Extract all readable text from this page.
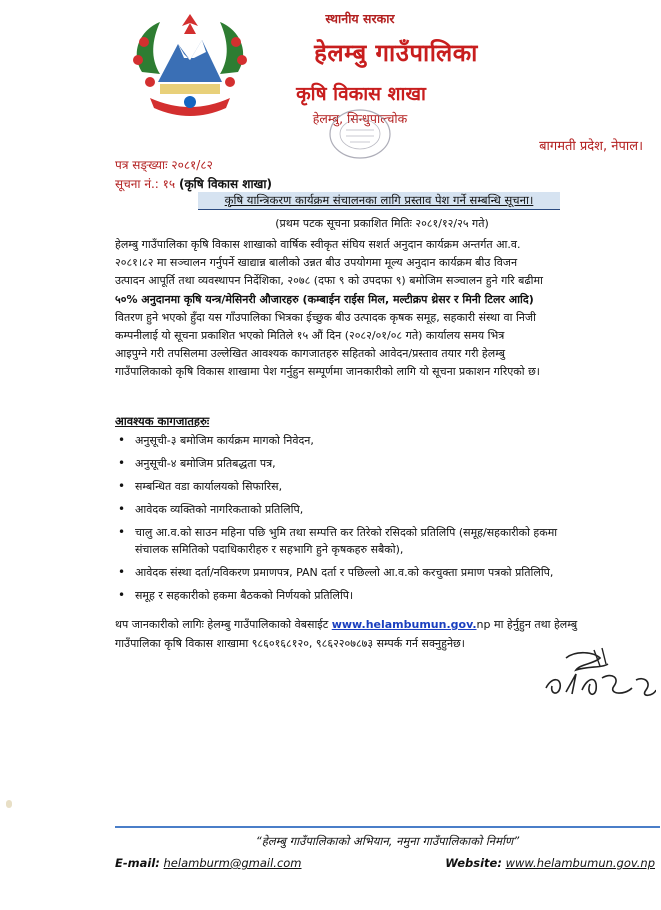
स्थानीय सरकार
हेलम्बु गाउँपालिका
कृषि विकास शाखा
हेलम्बु, सिन्धुपाल्चोक
बागमती प्रदेश, नेपाल।
पत्र सङ्ख्याः २०८१/८२
सूचना नं.: १५ (कृषि विकास शाखा)
कृषि यान्त्रिकरण कार्यक्रम संचालनका लागि प्रस्ताव पेश गर्ने सम्बन्धि सूचना।
(प्रथम पटक सूचना प्रकाशित मितिः २०८१/१२/२५ गते)
हेलम्बु गाउँपालिका कृषि विकास शाखाको वार्षिक स्वीकृत संघिय सशर्त अनुदान कार्यक्रम अन्तर्गत आ.व.
२०८१।८२ मा सञ्चालन गर्नुपर्ने खाद्यान्न बालीको उन्नत बीउ उपयोगमा मूल्य अनुदान कार्यक्रम बीउ विजन
उत्पादन आपूर्ति तथा व्यवस्थापन निर्देशिका, २०७८ (दफा ९ को उपदफा ९) बमोजिम सञ्चालन हुने गरि बढीमा
५०% अनुदानमा कृषि यन्त्र/मेसिनरी औजारहरु (कम्बाईन राईस मिल, मल्टीक्रप थ्रेसर र मिनी टिलर आदि)
वितरण हुने भएको हुँदा यस गाँउपालिका भित्रका ईच्छुक बीउ उत्पादक कृषक समूह, सहकारी संस्था वा निजी
कम्पनीलाई यो सूचना प्रकाशित भएको मितिले १५ औं दिन (२०८२/०१/०८ गते) कार्यालय समय भित्र
आइपुग्ने गरी तपसिलमा उल्लेखित आवश्यक कागजातहरु सहितको आवेदन/प्रस्ताव तयार गरी हेलम्बु
गाउँपालिकाको कृषि विकास शाखामा पेश गर्नुहुन सम्पूर्णमा जानकारीको लागि यो सूचना प्रकाशन गरिएको छ।
आवश्यक कागजातहरुः
• अनुसूची-३ बमोजिम कार्यक्रम मागको निवेदन,
• अनुसूची-४ बमोजिम प्रतिबद्धता पत्र,
• सम्बन्धित वडा कार्यालयको सिफारिस,
• आवेदक व्यक्तिको नागरिकताको प्रतिलिपि,
• चालु आ.व.को साउन महिना पछि भुमि तथा सम्पत्ति कर तिरेको रसिदको प्रतिलिपि (समूह/सहकारीको हकमा
संचालक समितिको पदाधिकारीहरु र सहभागि हुने कृषकहरु सबैको),
• आवेदक संस्था दर्ता/नविकरण प्रमाणपत्र, PAN दर्ता र पछिल्लो आ.व.को करचुक्ता प्रमाण पत्रको प्रतिलिपि,
• समूह र सहकारीको हकमा बैठकको निर्णयको प्रतिलिपि।
थप जानकारीको लागिः हेलम्बु गाउँपालिकाको वेबसाईट www.helambumun.gov.np मा हेर्नुहुन तथा हेलम्बु
गाउँपालिका कृषि विकास शाखामा ९८६०१६८१२०, ९८६२२०७८७३ सम्पर्क गर्न सक्नुहुनेछ।
“हेलम्बु गाउँपालिकाको अभियान, नमुना गाउँपालिकाको निर्माण”
E-mail: helamburm@gmail.com	Website: www.helambumun.gov.np
